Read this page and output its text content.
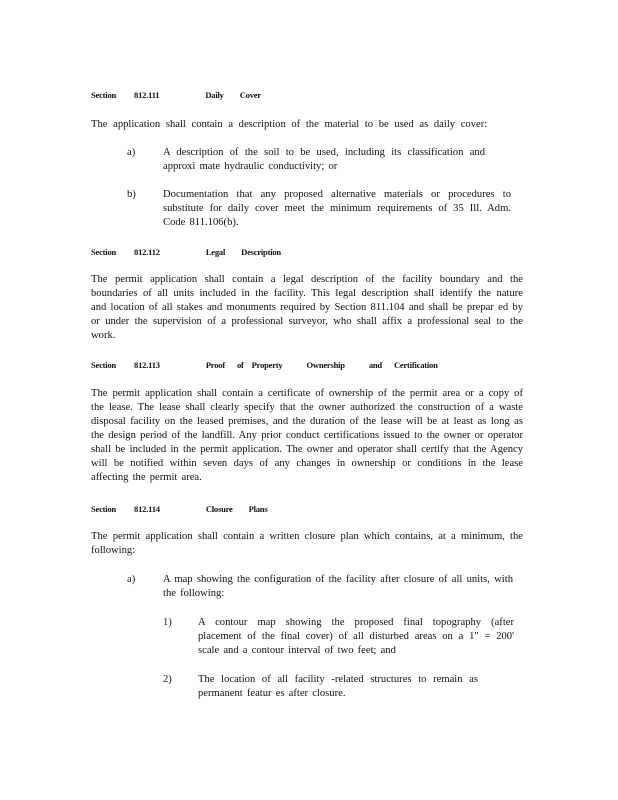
Section 812.111	Daily Cover
The application shall contain a description of the material to be used as daily cover:
a)	A description of the soil to be used, including its classification and approxi mate hydraulic conductivity; or
b)	Documentation that any proposed alternative materials or procedures to substitute for daily cover meet the minimum requirements of 35 Ill. Adm. Code 811.106(b).
Section 812.112	Legal Description
The permit application shall contain a legal description of the facility boundary and the boundaries of all units included in the facility. This legal description shall identify the nature and location of all stakes and monuments required by Section 811.104 and shall be prepar ed by or under the supervision of a professional surveyor, who shall affix a professional seal to the work.
Section 812.113	Proof of Property	Ownership	and Certification
The permit application shall contain a certificate of ownership of the permit area or a copy of the lease. The lease shall clearly specify that the owner authorized the construction of a waste disposal facility on the leased premises, and the duration of the lease will be at least as long as the design period of the landfill. Any prior conduct certifications issued to the owner or operator shall be included in the permit application. The owner and operator shall certify that the Agency will be notified within seven days of any changes in ownership or conditions in the lease affecting the permit area.
Section 812.114	Closure Plans
The permit application shall contain a written closure plan which contains, at a minimum, the following:
a)	A map showing the configuration of the facility after closure of all units, with the following:
1) A contour map showing the proposed final topography (after placement of the final cover) of all disturbed areas on a 1" = 200' scale and a contour interval of two feet; and
2) The location of all facility -related structures to remain as permanent featur es after closure.
